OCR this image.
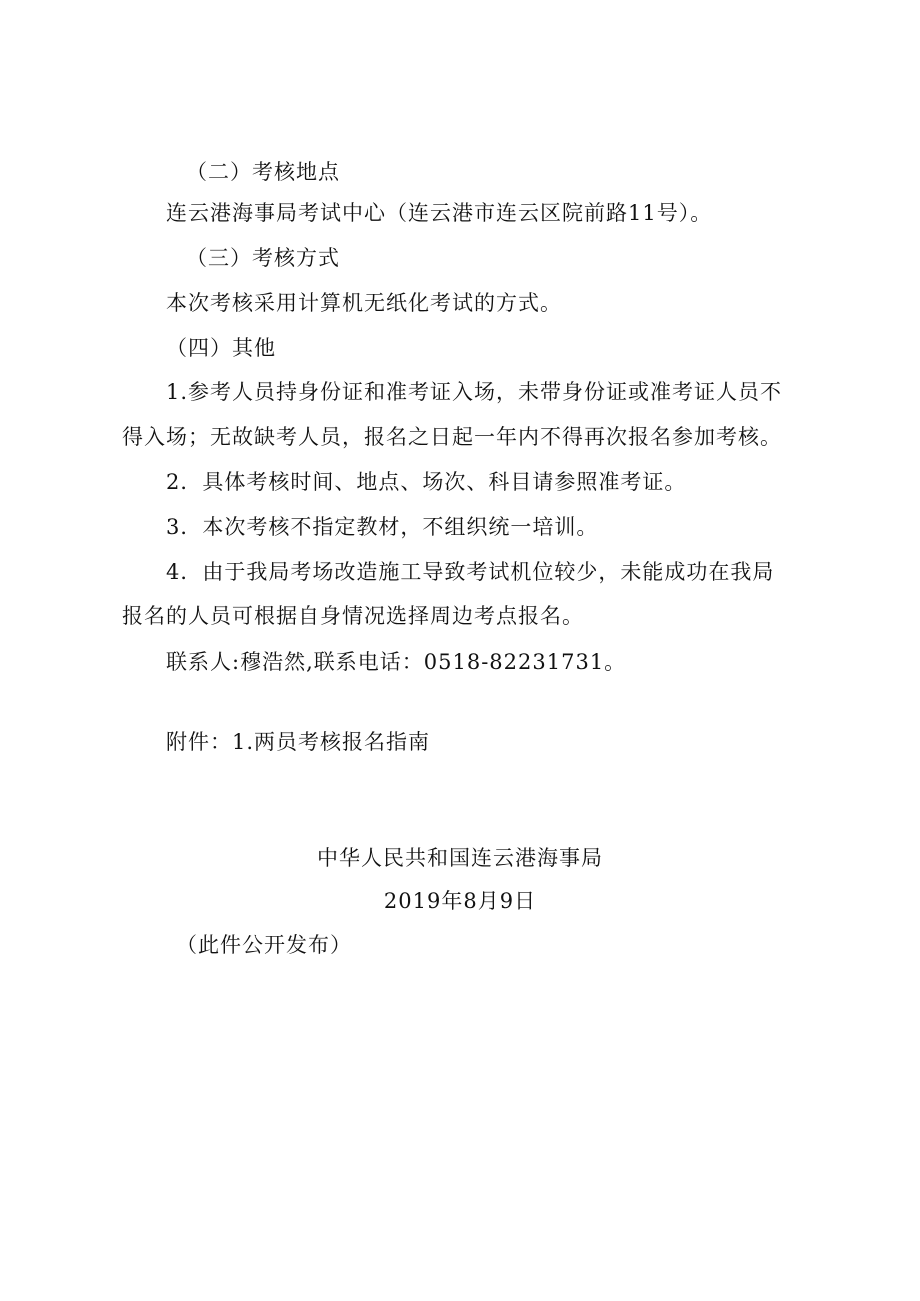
（二）考核地点
连云港海事局考试中心（连云港市连云区院前路11号）。
（三）考核方式
本次考核采用计算机无纸化考试的方式。
（四）其他
1.参考人员持身份证和准考证入场，未带身份证或准考证人员不
得入场；无故缺考人员，报名之日起一年内不得再次报名参加考核。
2．具体考核时间、地点、场次、科目请参照准考证。
3．本次考核不指定教材，不组织统一培训。
4．由于我局考场改造施工导致考试机位较少，未能成功在我局
报名的人员可根据自身情况选择周边考点报名。
联系人:穆浩然,联系电话：0518-82231731。
附件：1.两员考核报名指南
中华人民共和国连云港海事局
2019年8月9日
（此件公开发布）
